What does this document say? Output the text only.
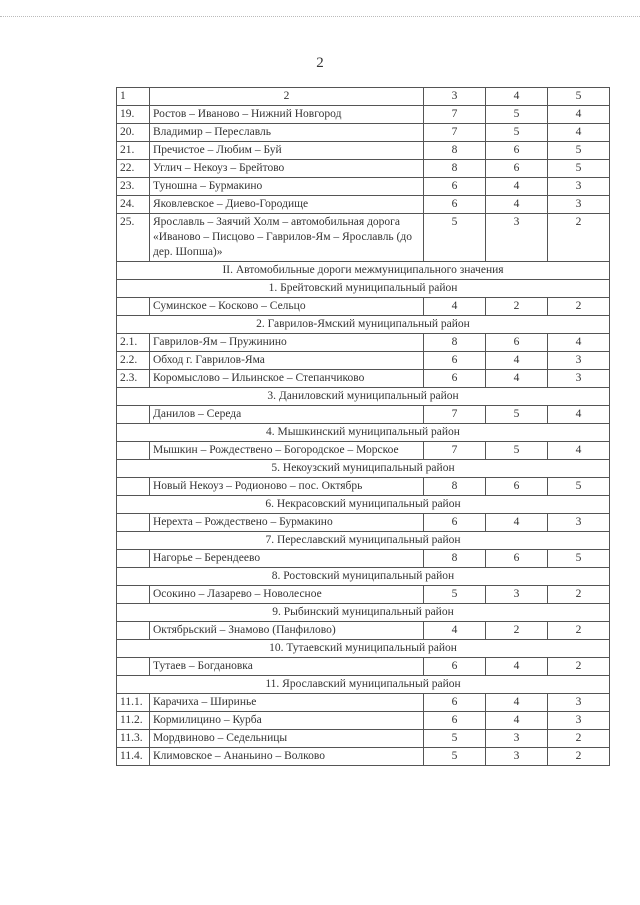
2
1	2	3	4	5
19.	Ростов – Иваново – Нижний Новгород	7	5	4
20.	Владимир – Переславль	7	5	4
21.	Пречистое – Любим – Буй	8	6	5
22.	Углич – Некоуз – Брейтово	8	6	5
23.	Туношна – Бурмакино	6	4	3
24.	Яковлевское – Диево-Городище	6	4	3
25.	Ярославль – Заячий Холм – автомобильная дорога «Иваново – Писцово – Гаврилов-Ям – Ярославль (до дер. Шопша)»	5	3	2
II. Автомобильные дороги межмуниципального значения				
1. Брейтовский муниципальный район				
	Суминское – Косково – Сельцо	4	2	2
2. Гаврилов-Ямский муниципальный район				
2.1.	Гаврилов-Ям – Пружинино	8	6	4
2.2.	Обход г. Гаврилов-Яма	6	4	3
2.3.	Коромыслово – Ильинское – Степанчиково	6	4	3
3. Даниловский муниципальный район				
	Данилов – Середа	7	5	4
4. Мышкинский муниципальный район				
	Мышкин – Рождествено – Богородское – Морское	7	5	4
5. Некоузский муниципальный район				
	Новый Некоуз – Родионово – пос. Октябрь	8	6	5
6. Некрасовский муниципальный район				
	Нерехта – Рождествено – Бурмакино	6	4	3
7. Переславский муниципальный район				
	Нагорье – Берендеево	8	6	5
8. Ростовский муниципальный район				
	Осокино – Лазарево – Новолесное	5	3	2
9. Рыбинский муниципальный район				
	Октябрьский – Знамово (Панфилово)	4	2	2
10. Тутаевский муниципальный район				
	Тутаев – Богдановка	6	4	2
11. Ярославский муниципальный район				
11.1.	Карачиха – Ширинье	6	4	3
11.2.	Кормилицино – Курба	6	4	3
11.3.	Мордвиново – Седельницы	5	3	2
11.4.	Климовское – Ананьино – Волково	5	3	2
